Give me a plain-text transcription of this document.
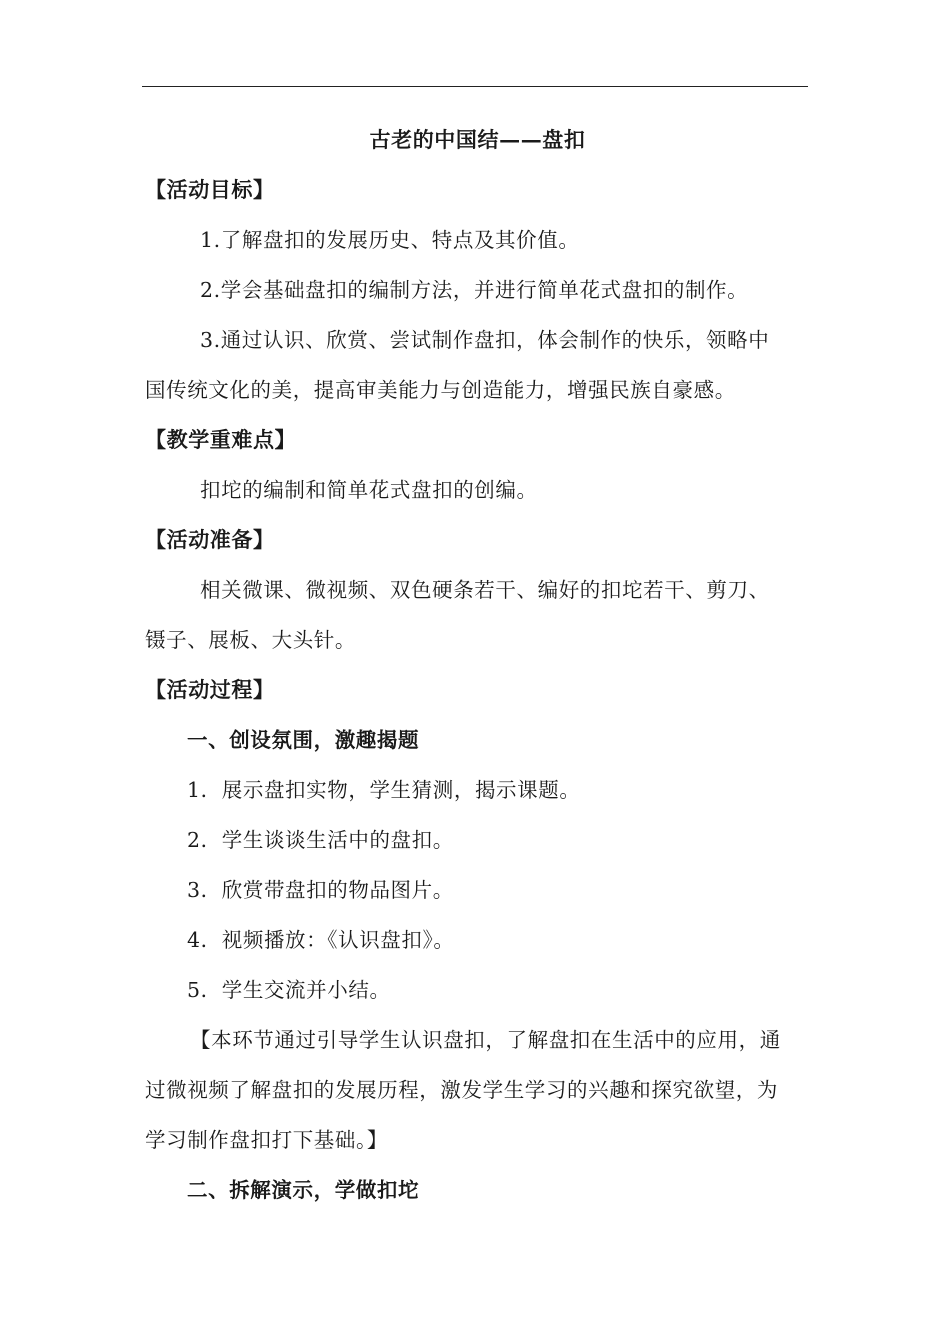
古老的中国结——盘扣
【活动目标】
1.了解盘扣的发展历史、特点及其价值。
2.学会基础盘扣的编制方法，并进行简单花式盘扣的制作。
3.通过认识、欣赏、尝试制作盘扣，体会制作的快乐，领略中
国传统文化的美，提高审美能力与创造能力，增强民族自豪感。
【教学重难点】
扣坨的编制和简单花式盘扣的创编。
【活动准备】
相关微课、微视频、双色硬条若干、编好的扣坨若干、剪刀、
镊子、展板、大头针。
【活动过程】
一、创设氛围，激趣揭题
1．展示盘扣实物，学生猜测，揭示课题。
2．学生谈谈生活中的盘扣。
3．欣赏带盘扣的物品图片。
4．视频播放：《认识盘扣》。
5．学生交流并小结。
【本环节通过引导学生认识盘扣，了解盘扣在生活中的应用，通
过微视频了解盘扣的发展历程，激发学生学习的兴趣和探究欲望，为
学习制作盘扣打下基础。】
二、拆解演示，学做扣坨
